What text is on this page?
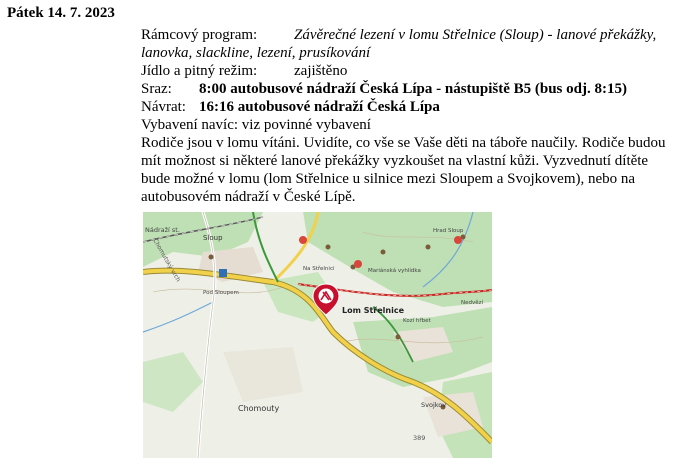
Pátek 14. 7. 2023
Rámcový program: Závěrečné lezení v lomu Střelnice (Sloup) - lanové překážky, lanovka, slackline, lezení, prusíkování
Jídlo a pitný režim: zajištěno
Sraz: 8:00 autobusové nádraží Česká Lípa - nástupiště B5 (bus odj. 8:15)
Návrat: 16:16 autobusové nádraží Česká Lípa
Vybavení navíc: viz povinné vybavení
Rodiče jsou v lomu vítáni. Uvidíte, co vše se Vaše děti na táboře naučily. Rodiče budou mít možnost si některé lanové překážky vyzkoušet na vlastní kůži. Vyzvednutí dítěte bude možné v lomu (lom Střelnice u silnice mezi Sloupem a Svojkovem), nebo na autobusovém nádraží v České Lípě.
Chomouty
Nádraží st.
Sloup
Svojkov
Chomutský vrch
389
Na Střelnici	Mariánská vyhlídka
Hrad Sloup
Kozí hřbet
Pod Sloupem
Nedvězí
Lom Střelnice
